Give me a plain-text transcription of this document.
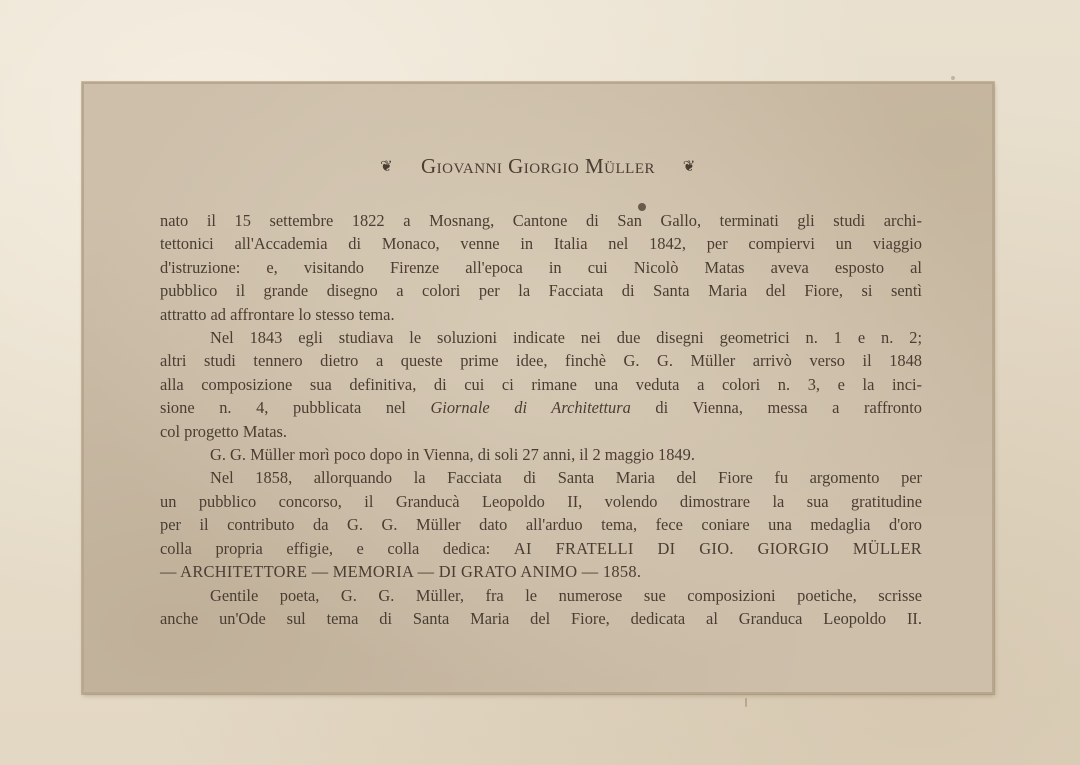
❦ Giovanni Giorgio Müller ❦
nato il 15 settembre 1822 a Mosnang, Cantone di San Gallo, terminati gli studi archi-
tettonici all'Accademia di Monaco, venne in Italia nel 1842, per compiervi un viaggio
d'istruzione: e, visitando Firenze all'epoca in cui Nicolò Matas aveva esposto al
pubblico il grande disegno a colori per la Facciata di Santa Maria del Fiore, si sentì
attratto ad affrontare lo stesso tema.
Nel 1843 egli studiava le soluzioni indicate nei due disegni geometrici n. 1 e n. 2;
altri studi tennero dietro a queste prime idee, finchè G. G. Müller arrivò verso il 1848
alla composizione sua definitiva, di cui ci rimane una veduta a colori n. 3, e la inci-
sione n. 4, pubblicata nel Giornale di Architettura di Vienna, messa a raffronto
col progetto Matas.
G. G. Müller morì poco dopo in Vienna, di soli 27 anni, il 2 maggio 1849.
Nel 1858, allorquando la Facciata di Santa Maria del Fiore fu argomento per
un pubblico concorso, il Granducà Leopoldo II, volendo dimostrare la sua gratitudine
per il contributo da G. G. Müller dato all'arduo tema, fece coniare una medaglia d'oro
colla propria effigie, e colla dedica: AI FRATELLI DI GIO. GIORGIO MÜLLER
— ARCHITETTORE — MEMORIA — DI GRATO ANIMO — 1858.
Gentile poeta, G. G. Müller, fra le numerose sue composizioni poetiche, scrisse
anche un'Ode sul tema di Santa Maria del Fiore, dedicata al Granduca Leopoldo II.
